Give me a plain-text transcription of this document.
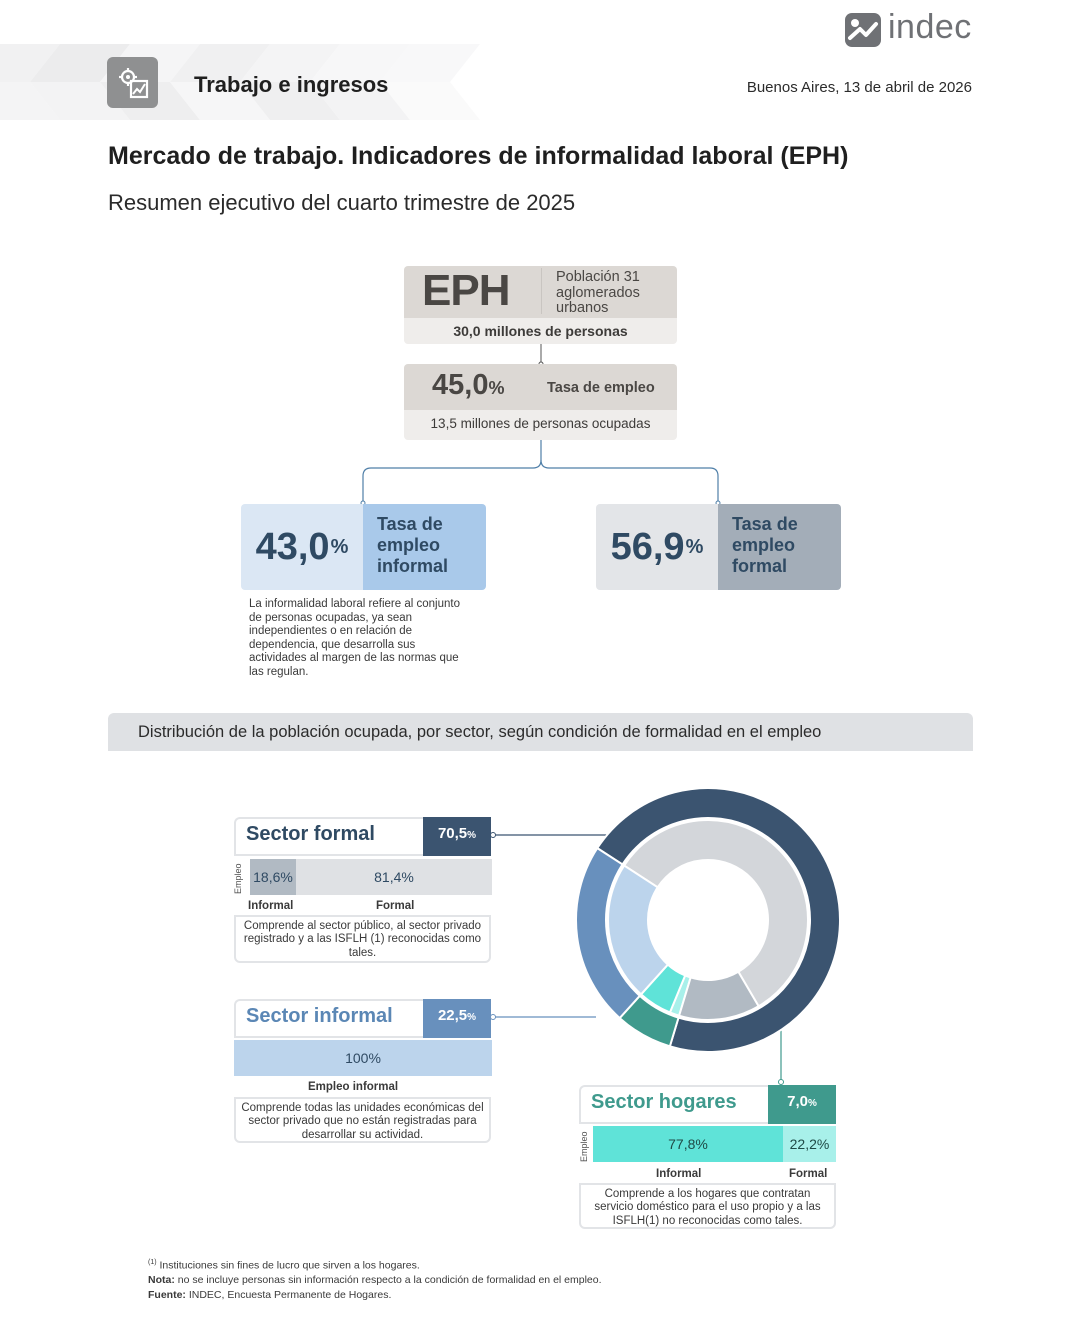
indec
Trabajo e ingresos	Buenos Aires, 13 de abril de 2026
Mercado de trabajo. Indicadores de informalidad laboral (EPH)
Resumen ejecutivo del cuarto trimestre de 2025
EPH	Población 31 aglomerados urbanos
30,0 millones de personas
45,0%	Tasa de empleo
13,5 millones de personas ocupadas
43,0 %
Tasa de empleo informal
La informalidad laboral refiere al conjunto de personas ocupadas, ya sean independientes o en relación de dependencia, que desarrolla sus actividades al margen de las normas que las regulan.
56,9 %
Tasa de empleo formal
Distribución de la población ocupada, por sector, según condición de formalidad en el empleo
Sector formal	70,5%
Empleo 18,6%	81,4%
Informal	Formal
Comprende al sector público, al sector privado registrado y a las ISFLH (1) reconocidas como tales.
Sector informal	22,5%
100%
Empleo informal
Comprende todas las unidades económicas del sector privado que no están registradas para desarrollar su actividad.
Sector hogares	7,0%
Empleo	77,8%	22,2%
Informal	Formal
Comprende a los hogares que contratan servicio doméstico para el uso propio y a las ISFLH(1) no reconocidas como tales.
$^{(1)}$ Instituciones sin fines de lucro que sirven a los hogares.
Nota: no se incluye personas sin información respecto a la condición de formalidad en el empleo.
Fuente: INDEC, Encuesta Permanente de Hogares.
